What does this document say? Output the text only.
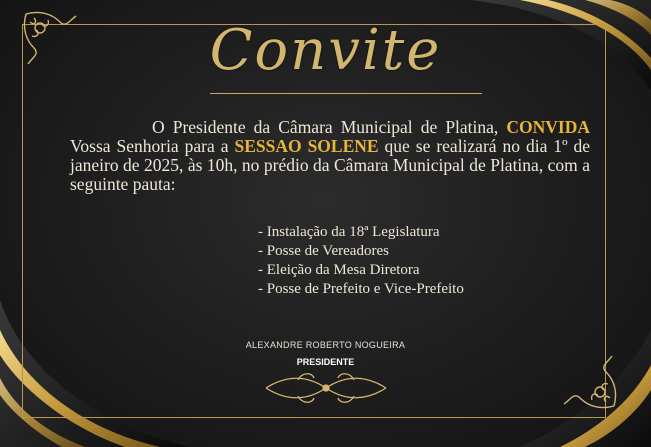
Convite
O Presidente da Câmara Municipal de Platina, CONVIDA Vossa Senhoria para a SESSAO SOLENE que se realizará no dia 1º de janeiro de 2025, às 10h, no prédio da Câmara Municipal de Platina, com a seguinte pauta:
- Instalação da 18ª Legislatura
- Posse de Vereadores
- Eleição da Mesa Diretora
- Posse de Prefeito e Vice-Prefeito
ALEXANDRE ROBERTO NOGUEIRA
PRESIDENTE
